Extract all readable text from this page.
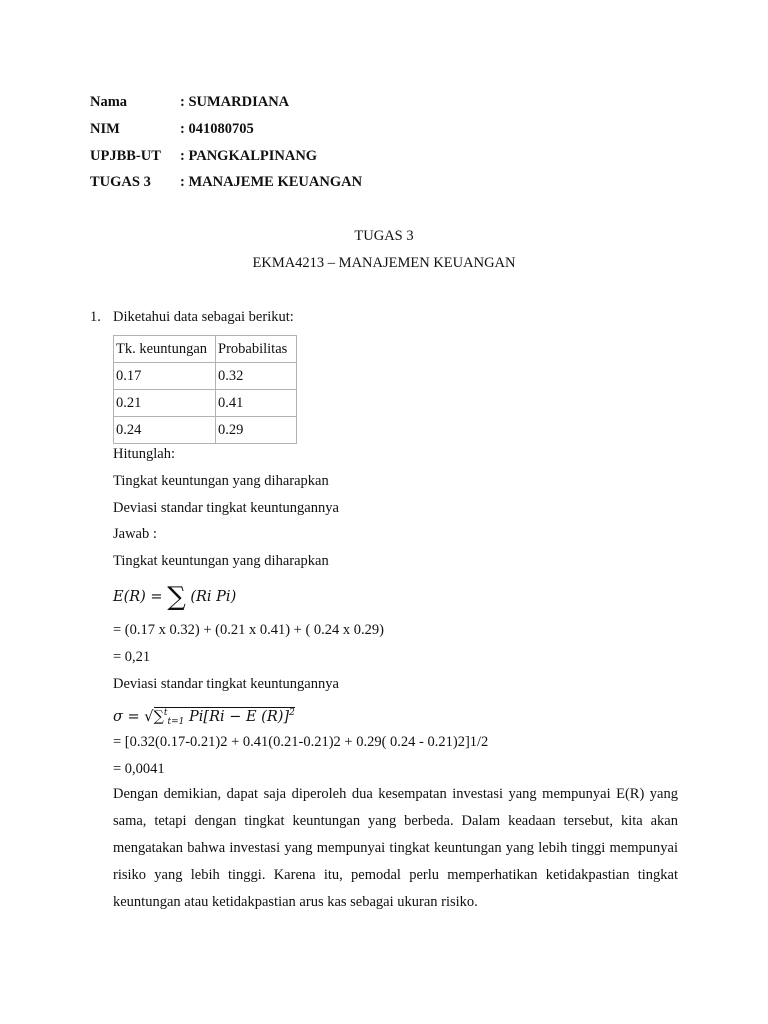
Nama	: SUMARDIANA
NIM	: 041080705
UPJBB-UT : PANGKALPINANG
TUGAS 3 : MANAJEME KEUANGAN
TUGAS 3
EKMA4213 – MANAJEMEN KEUANGAN
1. Diketahui data sebagai berikut:
Tk. keuntungan	Probabilitas
0.17	0.32
0.21	0.41
0.24	0.29
Hitunglah:
Tingkat keuntungan yang diharapkan
Deviasi standar tingkat keuntungannya
Jawab :
Tingkat keuntungan yang diharapkan
E(R) = ∑ (Ri Pi)
= (0.17 x 0.32) + (0.21 x 0.41) + ( 0.24 x 0.29)
= 0,21
Deviasi standar tingkat keuntungannya
σ = √∑$^t_{t=1}$ Pi[Ri − E (R)]$^2$
= [0.32(0.17-0.21)2 + 0.41(0.21-0.21)2 + 0.29( 0.24 - 0.21)2]1/2
= 0,0041
Dengan demikian, dapat saja diperoleh dua kesempatan investasi yang mempunyai E(R) yang sama, tetapi dengan tingkat keuntungan yang berbeda. Dalam keadaan tersebut, kita akan mengatakan bahwa investasi yang mempunyai tingkat keuntungan yang lebih tinggi mempunyai risiko yang lebih tinggi. Karena itu, pemodal perlu memperhatikan ketidakpastian tingkat keuntungan atau ketidakpastian arus kas sebagai ukuran risiko.
